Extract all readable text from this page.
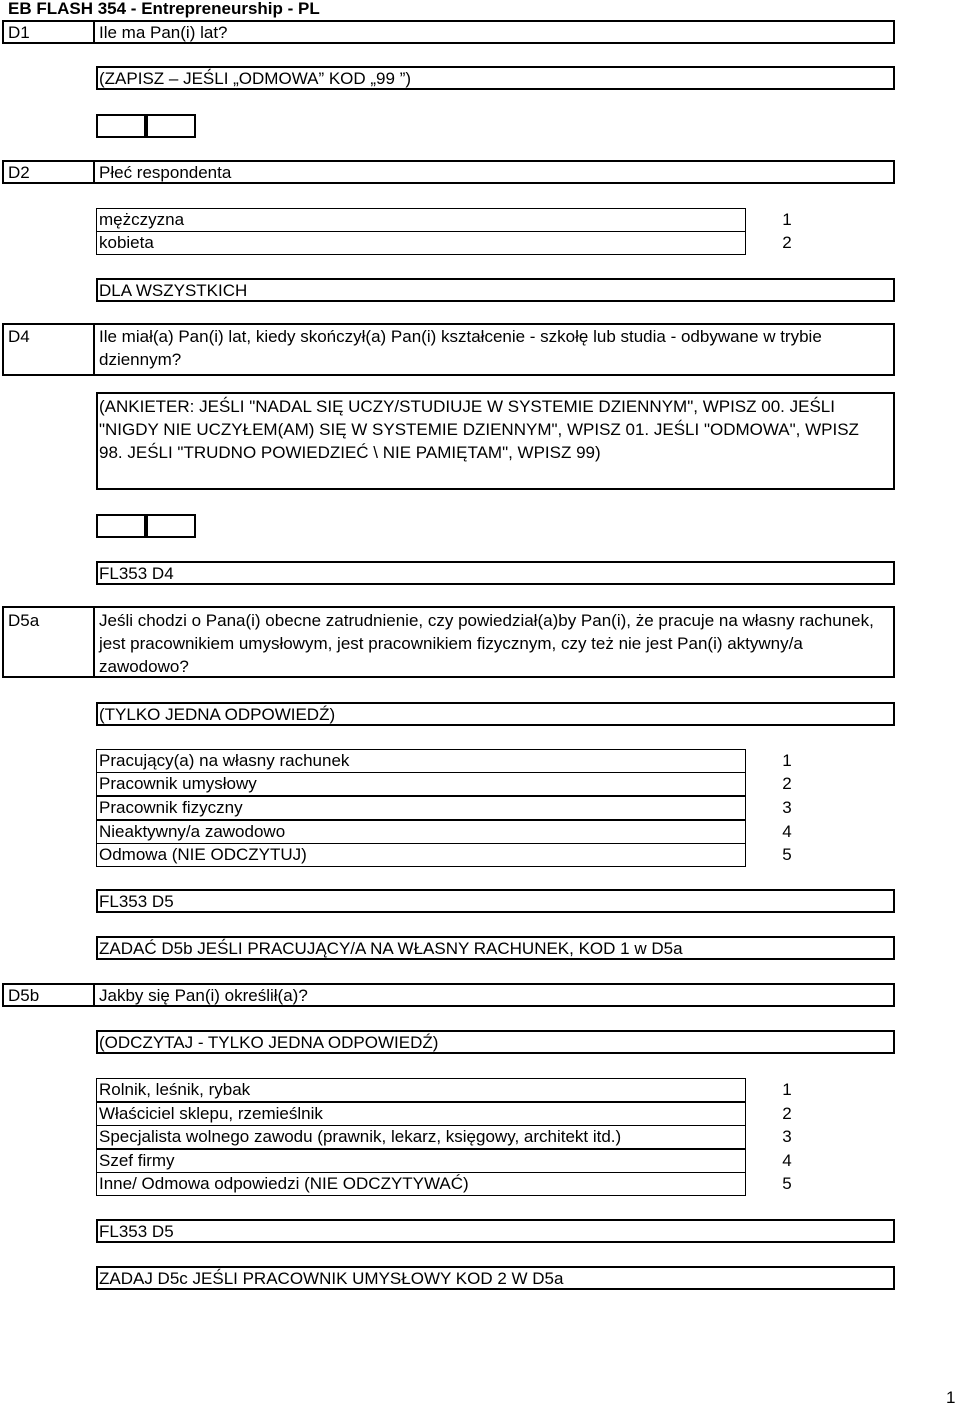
EB FLASH 354 - Entrepreneurship - PL
D1	Ile ma Pan(i) lat?
(ZAPISZ – JEŚLI „ODMOWA” KOD „99 ”)
D2	Płeć respondenta
mężczyzna	1
kobieta	2
DLA WSZYSTKICH
D4	Ile miał(a) Pan(i) lat, kiedy skończył(a) Pan(i) kształcenie - szkołę lub studia - odbywane w trybie dziennym?
(ANKIETER: JEŚLI "NADAL SIĘ UCZY/STUDIUJE W SYSTEMIE DZIENNYM", WPISZ 00. JEŚLI "NIGDY NIE UCZYŁEM(AM) SIĘ W SYSTEMIE DZIENNYM", WPISZ 01. JEŚLI "ODMOWA", WPISZ 98. JEŚLI "TRUDNO POWIEDZIEĆ \ NIE PAMIĘTAM", WPISZ 99)
FL353 D4
D5a	Jeśli chodzi o Pana(i) obecne zatrudnienie, czy powiedział(a)by Pan(i), że pracuje na własny rachunek, jest pracownikiem umysłowym, jest pracownikiem fizycznym, czy też nie jest Pan(i) aktywny/a zawodowo?
(TYLKO JEDNA ODPOWIEDŹ)
Pracujący(a) na własny rachunek	1
Pracownik umysłowy	2
Pracownik fizyczny	3
Nieaktywny/a zawodowo	4
Odmowa (NIE ODCZYTUJ)	5
FL353 D5
ZADAĆ D5b JEŚLI PRACUJĄCY/A NA WŁASNY RACHUNEK, KOD 1 w D5a
D5b	Jakby się Pan(i) określił(a)?
(ODCZYTAJ - TYLKO JEDNA ODPOWIEDŹ)
Rolnik, leśnik, rybak	1
Właściciel sklepu, rzemieślnik	2
Specjalista wolnego zawodu (prawnik, lekarz, księgowy, architekt itd.)	3
Szef firmy	4
Inne/ Odmowa odpowiedzi (NIE ODCZYTYWAĆ)	5
FL353 D5
ZADAJ D5c JEŚLI PRACOWNIK UMYSŁOWY KOD 2 W D5a
1
